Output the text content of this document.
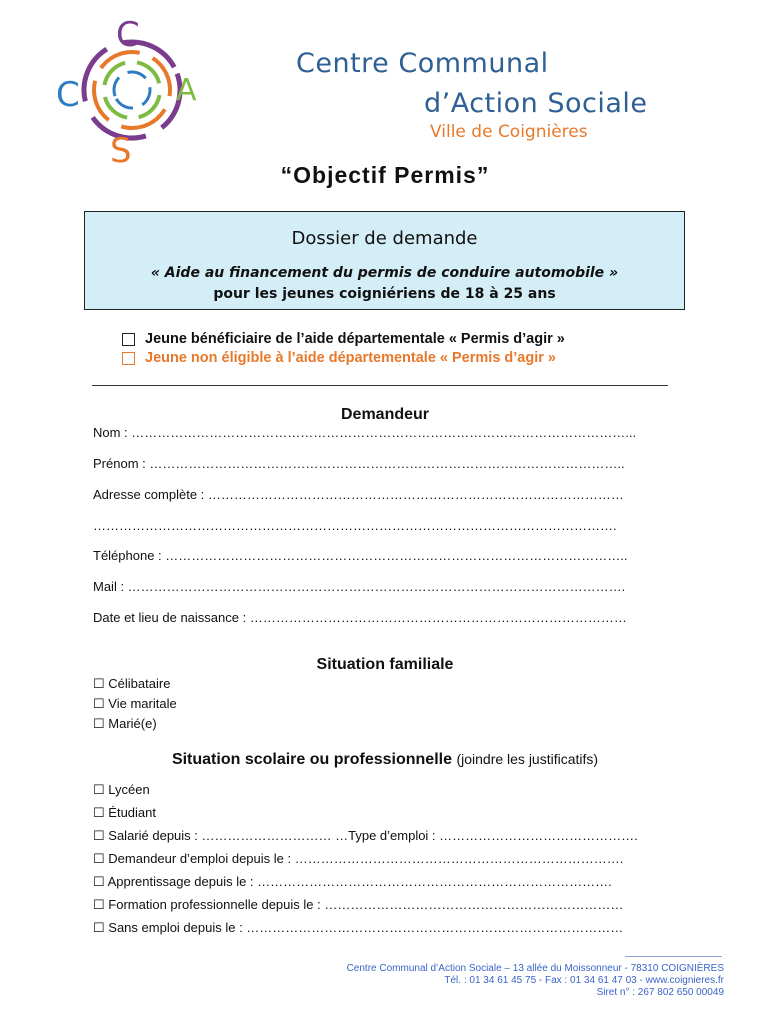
C
C	A
S
Centre Communal
d’Action Sociale
Ville de Coignières
“Objectif Permis”
Dossier de demande
« Aide au financement du permis de conduire automobile »
pour les jeunes coigniériens de 18 à 25 ans
Jeune bénéficiaire de l’aide départementale « Permis d’agir »
Jeune non éligible à l’aide départementale « Permis d’agir »
Demandeur
Nom : ……………………………………………………………………………………………………...
Prénom : ………………………………………………………………………………………………..
Adresse complète : ……………………………………………………………………………………
………………………………………………………………………………………………………….
Téléphone : ……………………………………………………………………………………………..
Mail : …………………………………………………………………………………………………….
Date et lieu de naissance : ……………………………………………………………………………
Situation familiale
☐ Célibataire
☐ Vie maritale
☐ Marié(e)
Situation scolaire ou professionnelle (joindre les justificatifs)
☐ Lycéen
☐ Étudiant
☐ Salarié depuis : ………………………… …Type d’emploi : ……………………………………….
☐ Demandeur d’emploi depuis le : ………………………………………………………………….
☐ Apprentissage depuis le : ……………………………………………………………………….
☐ Formation professionnelle depuis le : ……………………………………………………………
☐ Sans emploi depuis le : ……………………………………………………………………………
Centre Communal d’Action Sociale – 13 allée du Moissonneur - 78310 COIGNIÈRES
Tél. : 01 34 61 45 75 - Fax : 01 34 61 47 03 - www.coignieres.fr
Siret n° : 267 802 650 00049
